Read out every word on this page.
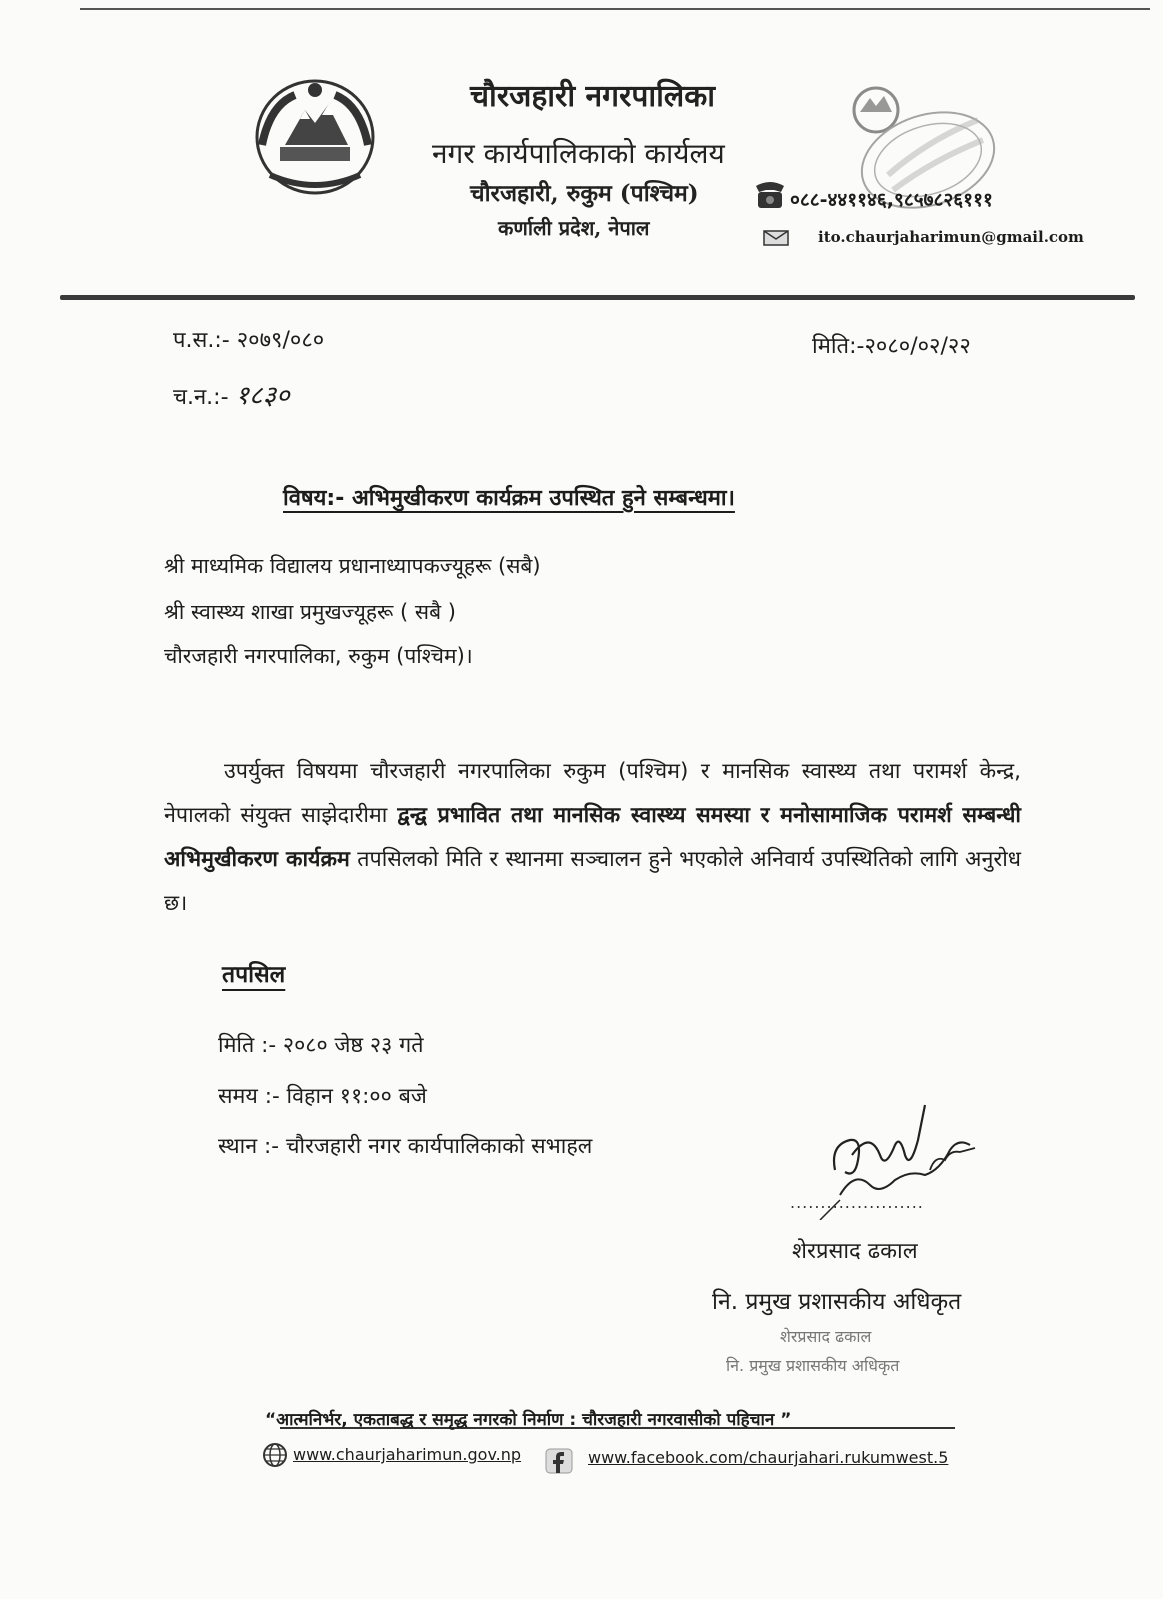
चौरजहारी नगरपालिका
नगर कार्यपालिकाको कार्यलय
चौरजहारी, रुकुम (पश्चिम)
कर्णाली प्रदेश, नेपाल
०८८-४४११४६,९८५७८२६१११
ito.chaurjaharimun@gmail.com
प.स.:- २०७९/०८०
च.न.:- १८३०
मिति:-२०८०/०२/२२
विषय:- अभिमुखीकरण कार्यक्रम उपस्थित हुने सम्बन्धमा।
श्री माध्यमिक विद्यालय प्रधानाध्यापकज्यूहरू (सबै)
श्री स्वास्थ्य शाखा प्रमुखज्यूहरू ( सबै )
चौरजहारी नगरपालिका, रुकुम (पश्चिम)।
उपर्युक्त विषयमा चौरजहारी नगरपालिका रुकुम (पश्चिम) र मानसिक स्वास्थ्य तथा परामर्श केन्द्र, नेपालको संयुक्त साझेदारीमा द्वन्द्व प्रभावित तथा मानसिक स्वास्थ्य समस्या र मनोसामाजिक परामर्श सम्बन्धी अभिमुखीकरण कार्यक्रम तपसिलको मिति र स्थानमा सञ्चालन हुने भएकोले अनिवार्य उपस्थितिको लागि अनुरोध छ।
तपसिल
मिति :- २०८० जेष्ठ २३ गते
समय :- विहान ११:०० बजे
स्थान :- चौरजहारी नगर कार्यपालिकाको सभाहल
......................
शेरप्रसाद ढकाल
नि. प्रमुख प्रशासकीय अधिकृत
शेरप्रसाद ढकाल
नि. प्रमुख प्रशासकीय अधिकृत
“आत्मनिर्भर, एकताबद्ध र समृद्ध नगरको निर्माण : चौरजहारी नगरवासीको पहिचान ”
www.chaurjaharimun.gov.np	www.facebook.com/chaurjahari.rukumwest.5
